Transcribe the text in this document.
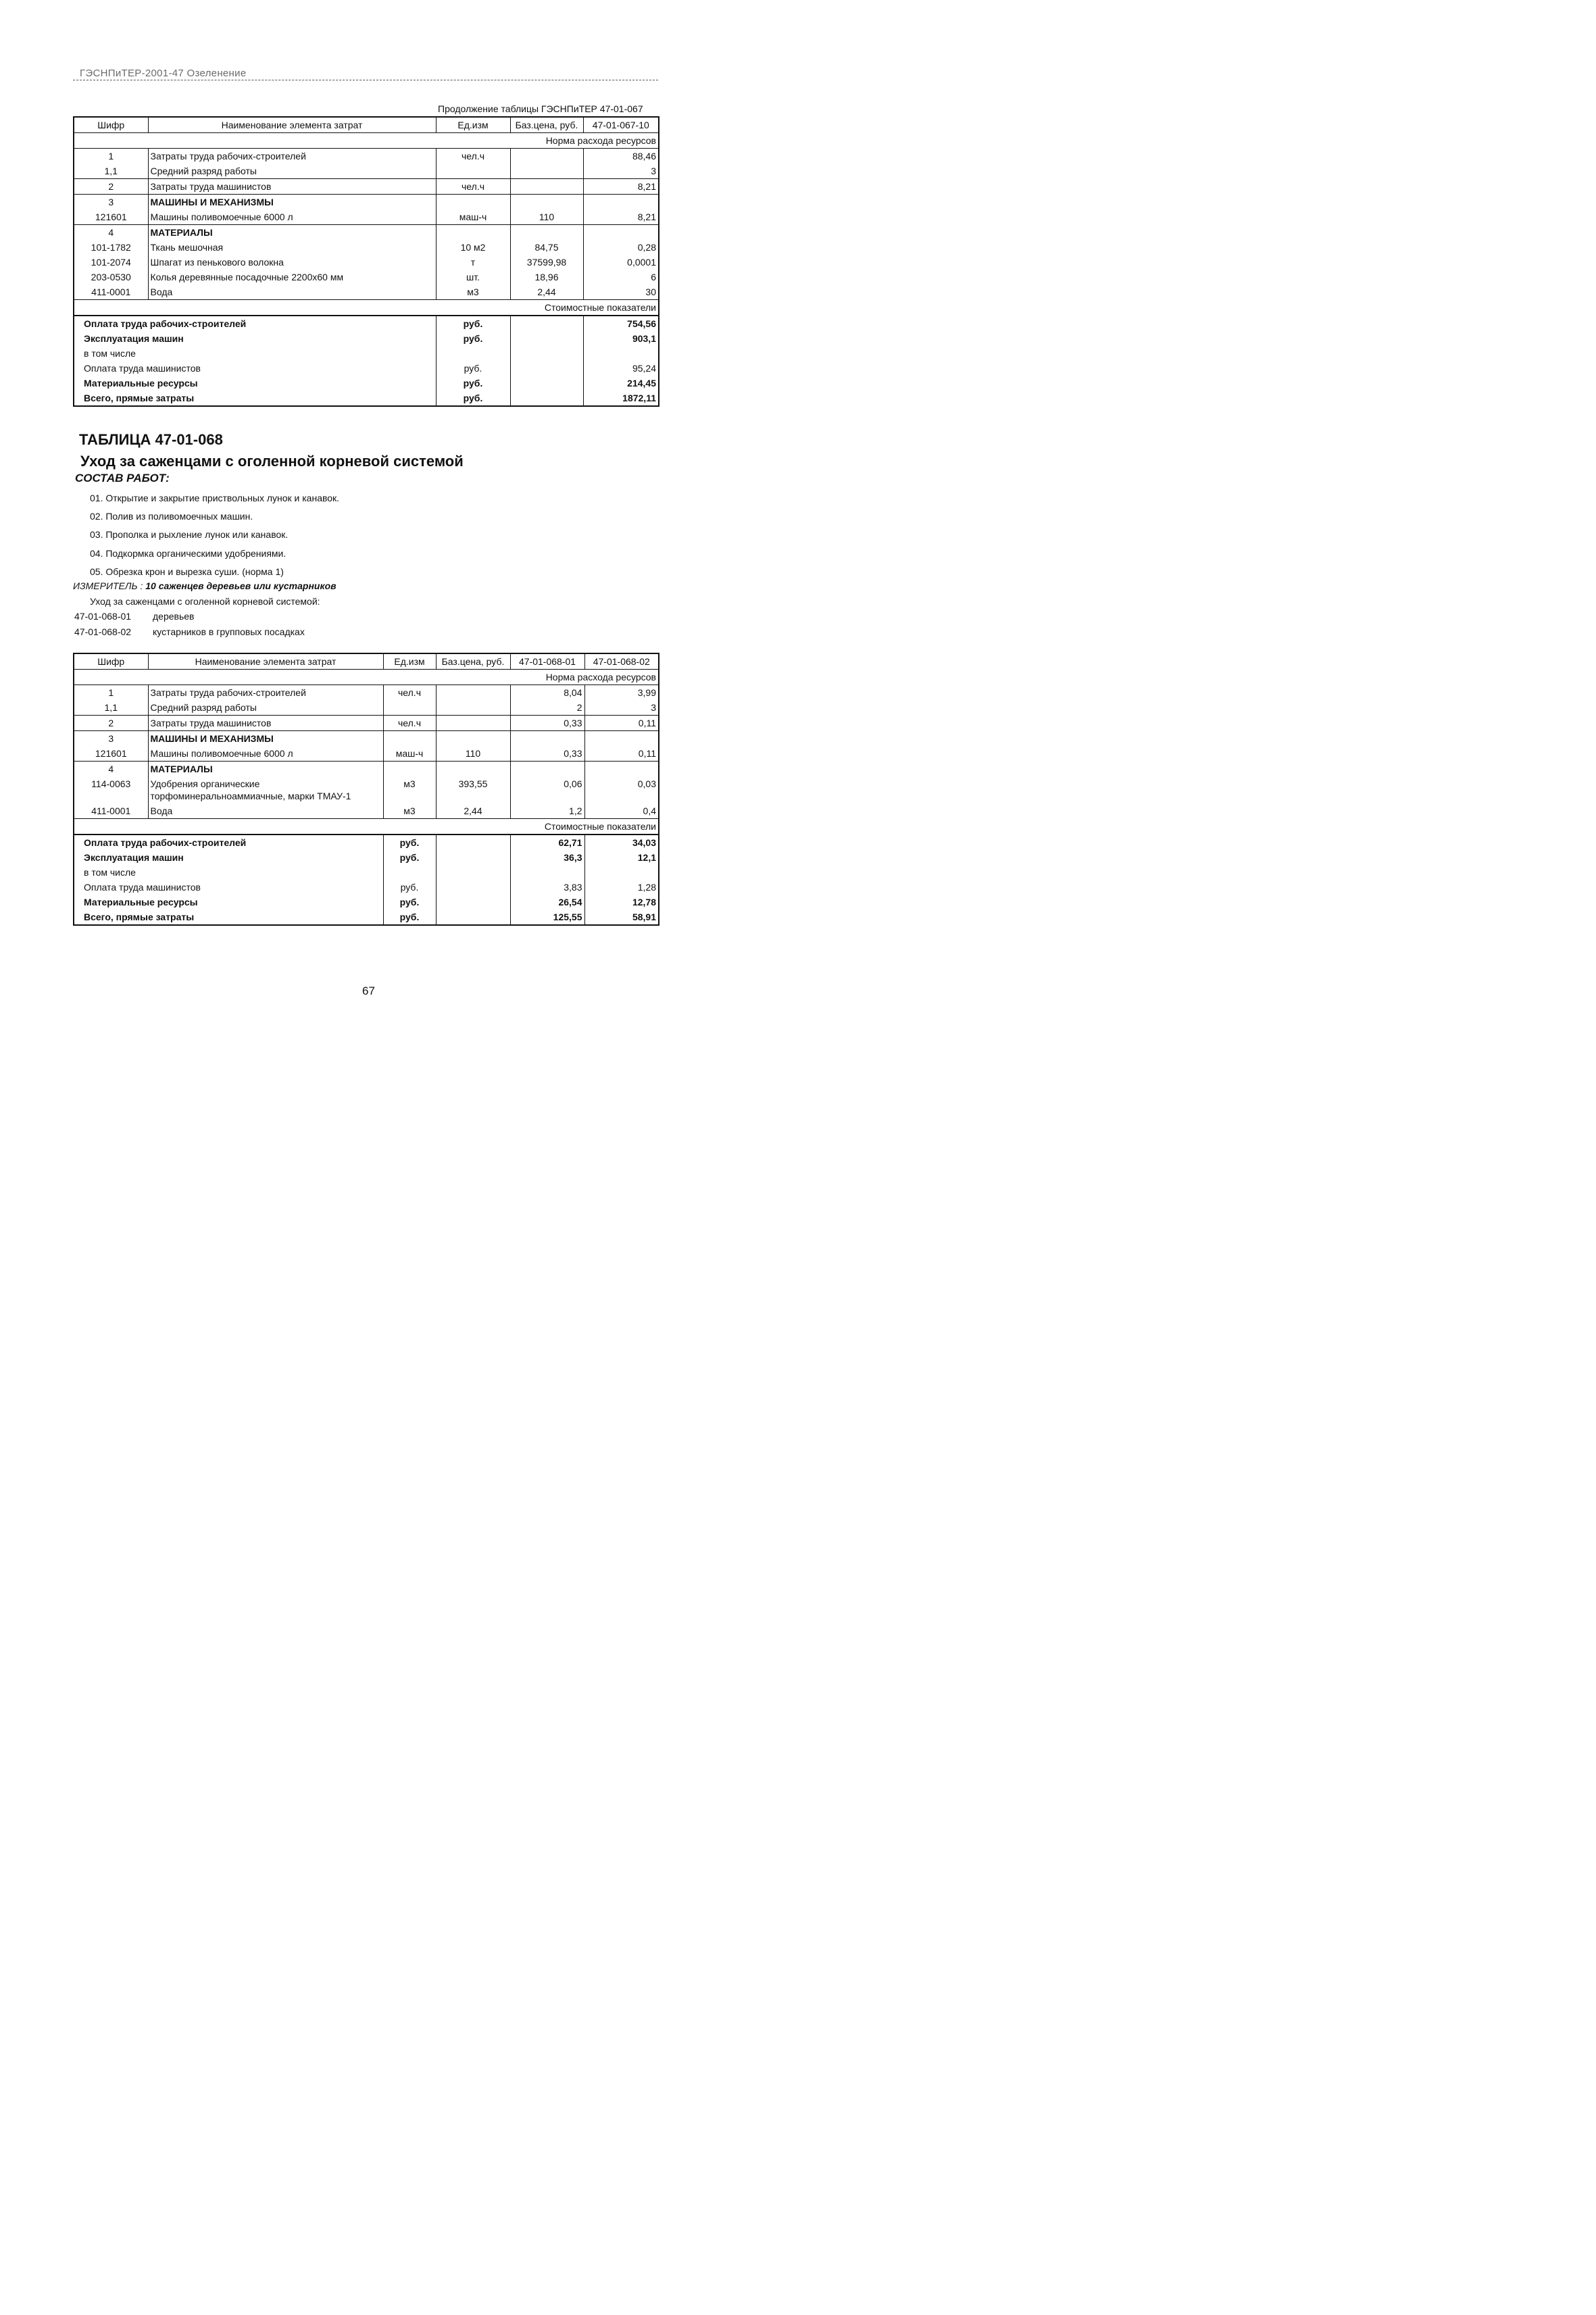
ГЭСНПиТЕР-2001-47 Озеленение
Продолжение таблицы ГЭСНПиТЕР 47-01-067
Шифр	Наименование элемента затрат	Ед.изм	Баз.цена, руб.	47-01-067-10

				Норма расхода ресурсов

1	Затраты труда рабочих-строителей	чел.ч		88,46
1,1	Средний разряд работы			3
2	Затраты труда машинистов	чел.ч		8,21
3	МАШИНЫ И МЕХАНИЗМЫ			
121601	Машины поливомоечные 6000 л	маш-ч	110	8,21
4	МАТЕРИАЛЫ			
101-1782	Ткань мешочная	10 м2	84,75	0,28
101-2074	Шпагат из пенькового волокна	т	37599,98	0,0001
203-0530	Колья деревянные посадочные 2200х60 мм	шт.	18,96	6
411-0001	Вода	м3	2,44	30

				Стоимостные показатели

Оплата труда рабочих-строителей		руб.		754,56
Эксплуатация машин		руб.		903,1
в том числе				
Оплата труда машинистов		руб.		95,24
Материальные ресурсы		руб.		214,45
Всего, прямые затраты		руб.		1872,11
ТАБЛИЦА 47-01-068
Уход за саженцами с оголенной корневой системой
СОСТАВ РАБОТ:
01. Открытие и закрытие приствольных лунок и канавок.
02. Полив из поливомоечных машин.
03. Прополка и рыхление лунок или канавок.
04. Подкормка органическими удобрениями.
05. Обрезка крон и вырезка суши. (норма 1)
ИЗМЕРИТЕЛЬ : 10 саженцев деревьев или кустарников
Уход за саженцами с оголенной корневой системой:
47-01-068-01 деревьев
47-01-068-02 кустарников в групповых посадках
Шифр	Наименование элемента затрат	Ед.изм	Баз.цена, руб.	47-01-068-01	47-01-068-02

					Норма расхода ресурсов

1	Затраты труда рабочих-строителей	чел.ч		8,04	3,99
1,1	Средний разряд работы			2	3
2	Затраты труда машинистов	чел.ч		0,33	0,11
3	МАШИНЫ И МЕХАНИЗМЫ				
121601	Машины поливомоечные 6000 л	маш-ч	110	0,33	0,11
4	МАТЕРИАЛЫ				
114-0063	Удобрения органические торфоминеральноаммиачные, марки ТМАУ-1	м3	393,55	0,06	0,03
411-0001	Вода	м3	2,44	1,2	0,4

					Стоимостные показатели

Оплата труда рабочих-строителей		руб.		62,71	34,03
Эксплуатация машин		руб.		36,3	12,1
в том числе					
Оплата труда машинистов		руб.		3,83	1,28
Материальные ресурсы		руб.		26,54	12,78
Всего, прямые затраты		руб.		125,55	58,91
67
